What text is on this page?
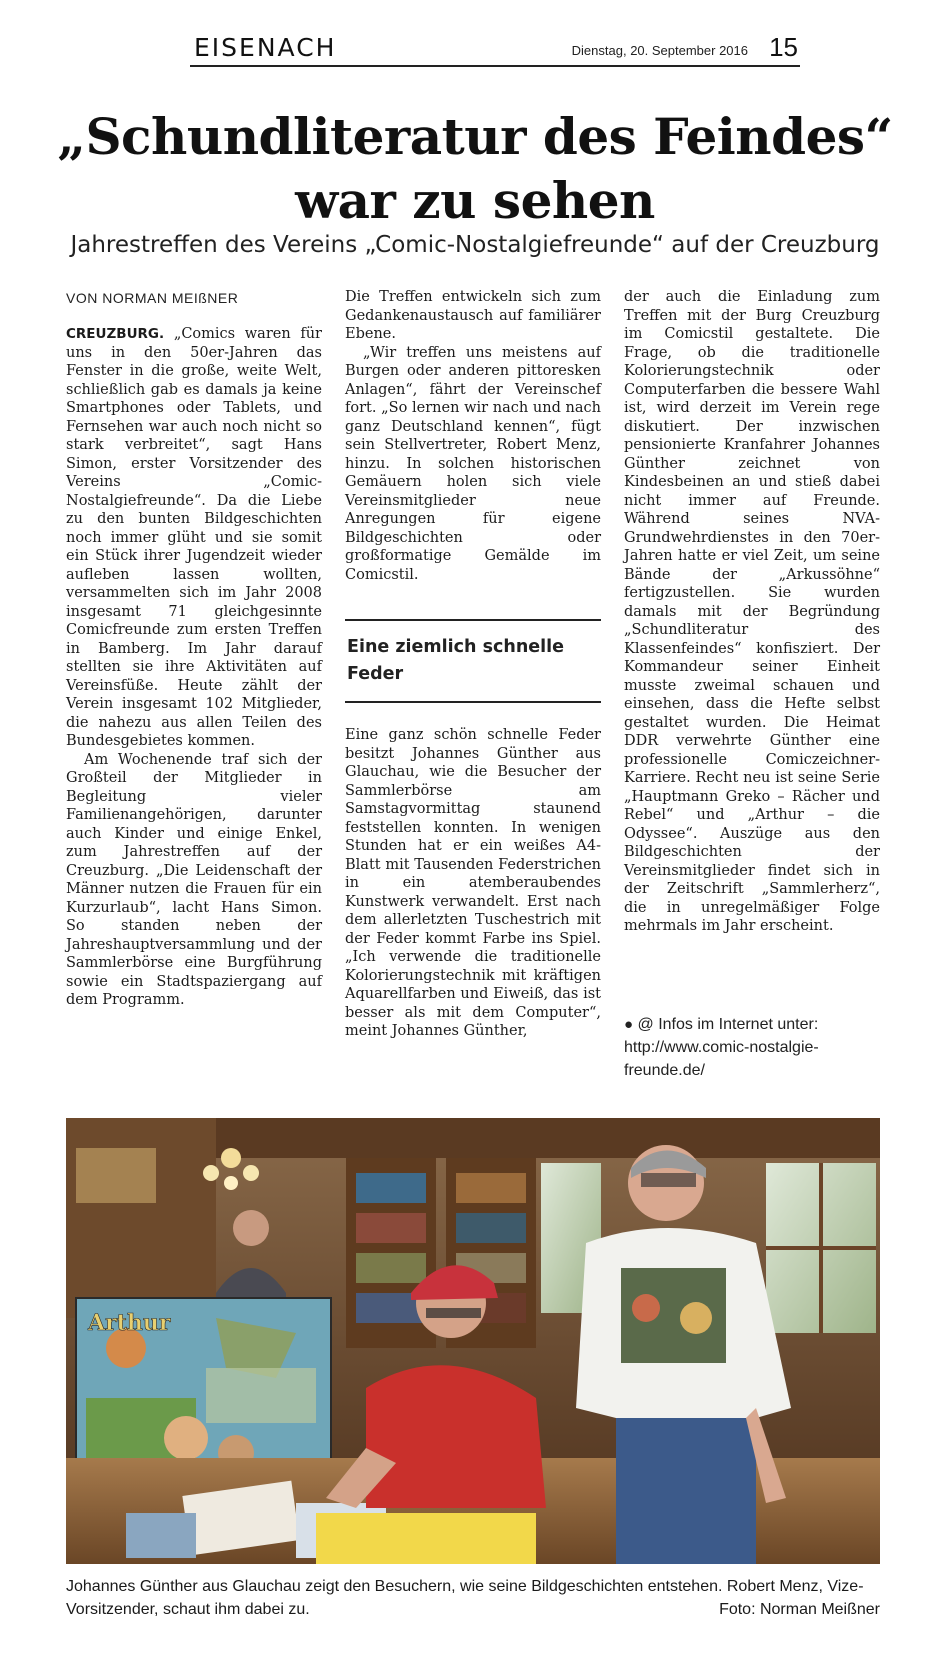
EISENACH	Dienstag, 20. September 2016 15
„Schundliteratur des Feindes“
war zu sehen
Jahrestreffen des Vereins „Comic-Nostalgiefreunde“ auf der Creuzburg
VON NORMAN MEIßNER

CREUZBURG. „Comics waren für uns in den 50er-Jahren das Fenster in die große, weite Welt, schließlich gab es damals ja keine Smartphones oder Tablets, und Fernsehen war auch noch nicht so stark verbreitet“, sagt Hans Simon, erster Vorsitzender des Vereins „Comic-Nostalgiefreunde“. Da die Liebe zu den bunten Bildgeschichten noch immer glüht und sie somit ein Stück ihrer Jugendzeit wieder aufleben lassen wollten, versammelten sich im Jahr 2008 insgesamt 71 gleichgesinnte Comicfreunde zum ersten Treffen in Bamberg. Im Jahr darauf stellten sie ihre Aktivitäten auf Vereinsfüße. Heute zählt der Verein insgesamt 102 Mitglieder, die nahezu aus allen Teilen des Bundesgebietes kommen.

Am Wochenende traf sich der Großteil der Mitglieder in Begleitung vieler Familienangehörigen, darunter auch Kinder und einige Enkel, zum Jahrestreffen auf der Creuzburg. „Die Leidenschaft der Männer nutzen die Frauen für ein Kurzurlaub“, lacht Hans Simon. So standen neben der Jahreshauptversammlung und der Sammlerbörse eine Burgführung sowie ein Stadtspaziergang auf dem Programm.

Die Treffen entwickeln sich zum Gedankenaustausch auf familiärer Ebene.

„Wir treffen uns meistens auf Burgen oder anderen pittoresken Anlagen“, fährt der Vereinschef fort. „So lernen wir nach und nach ganz Deutschland kennen“, fügt sein Stellvertreter, Robert Menz, hinzu. In solchen historischen Gemäuern holen sich viele Vereinsmitglieder neue Anregungen für eigene Bildgeschichten oder großformatige Gemälde im Comicstil.

Eine ziemlich schnelle Feder

Eine ganz schön schnelle Feder besitzt Johannes Günther aus Glauchau, wie die Besucher der Sammlerbörse am Samstagvormittag staunend feststellen konnten. In wenigen Stunden hat er ein weißes A4-Blatt mit Tausenden Federstrichen in ein atemberaubendes Kunstwerk verwandelt. Erst nach dem allerletzten Tuschestrich mit der Feder kommt Farbe ins Spiel. „Ich verwende die traditionelle Kolorierungstechnik mit kräftigen Aquarellfarben und Eiweiß, das ist besser als mit dem Computer“, meint Johannes Günther,

der auch die Einladung zum Treffen mit der Burg Creuzburg im Comicstil gestaltete. Die Frage, ob die traditionelle Kolorierungstechnik oder Computerfarben die bessere Wahl ist, wird derzeit im Verein rege diskutiert. Der inzwischen pensionierte Kranfahrer Johannes Günther zeichnet von Kindesbeinen an und stieß dabei nicht immer auf Freunde. Während seines NVA-Grundwehrdienstes in den 70er-Jahren hatte er viel Zeit, um seine Bände der „Arkussöhne“ fertigzustellen. Sie wurden damals mit der Begründung „Schundliteratur des Klassenfeindes“ konfisziert. Der Kommandeur seiner Einheit musste zweimal schauen und einsehen, dass die Hefte selbst gestaltet wurden. Die Heimat DDR verwehrte Günther eine professionelle Comiczeichner-Karriere. Recht neu ist seine Serie „Hauptmann Greko – Rächer und Rebel“ und „Arthur – die Odyssee“. Auszüge aus den Bildgeschichten der Vereinsmitglieder findet sich in der Zeitschrift „Sammlerherz“, die in unregelmäßiger Folge mehrmals im Jahr erscheint.

● @ Infos im Internet unter:
http://www.comic-nostalgie-
freunde.de/
Arthur
Johannes Günther aus Glauchau zeigt den Besuchern, wie seine Bildgeschichten entstehen. Robert Menz, Vize-Vorsitzender, schaut ihm dabei zu.	Foto: Norman Meißner
